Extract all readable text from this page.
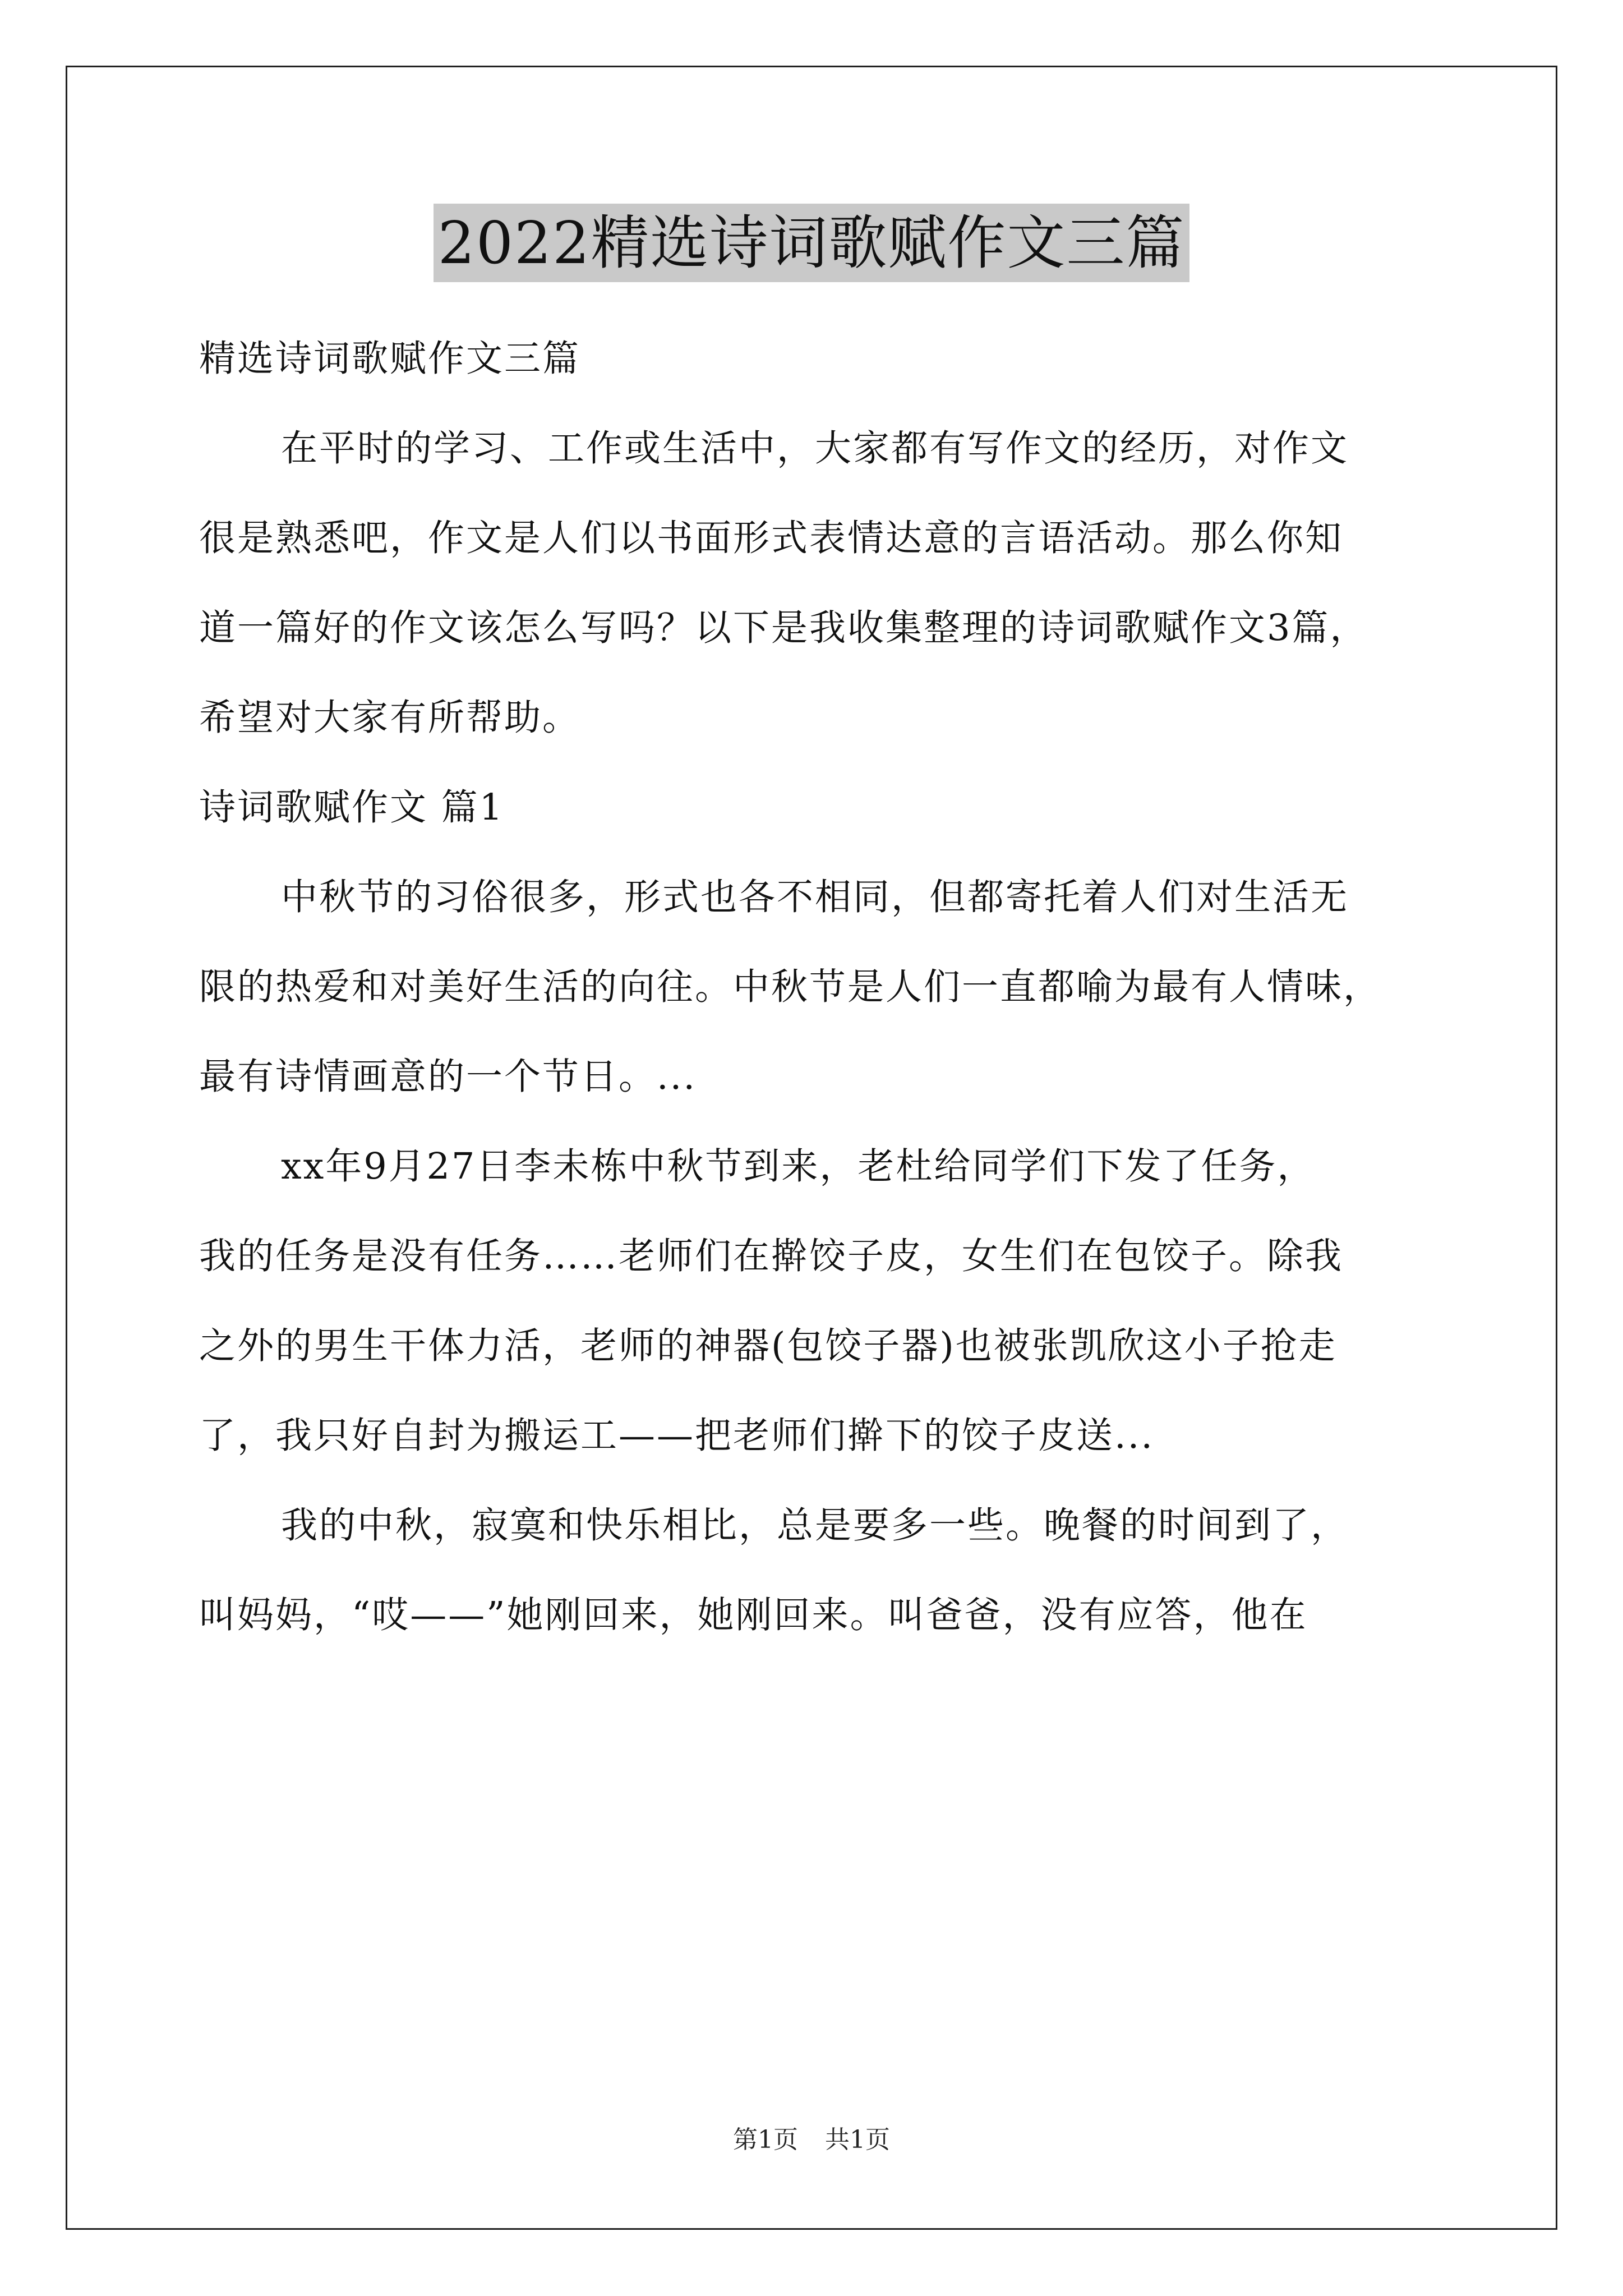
2022精选诗词歌赋作文三篇
精选诗词歌赋作文三篇
在平时的学习、工作或生活中，大家都有写作文的经历，对作文
很是熟悉吧，作文是人们以书面形式表情达意的言语活动。那么你知
道一篇好的作文该怎么写吗？以下是我收集整理的诗词歌赋作文3篇，
希望对大家有所帮助。
诗词歌赋作文 篇1
中秋节的习俗很多，形式也各不相同，但都寄托着人们对生活无
限的热爱和对美好生活的向往。中秋节是人们一直都喻为最有人情味，
最有诗情画意的一个节日。...
xx年9月27日李未栋中秋节到来，老杜给同学们下发了任务，
我的任务是没有任务……老师们在擀饺子皮，女生们在包饺子。除我
之外的男生干体力活，老师的神器(包饺子器)也被张凯欣这小子抢走
了，我只好自封为搬运工——把老师们擀下的饺子皮送...
我的中秋，寂寞和快乐相比，总是要多一些。晚餐的时间到了，
叫妈妈，“哎——”她刚回来，她刚回来。叫爸爸，没有应答，他在
第1页 共1页
